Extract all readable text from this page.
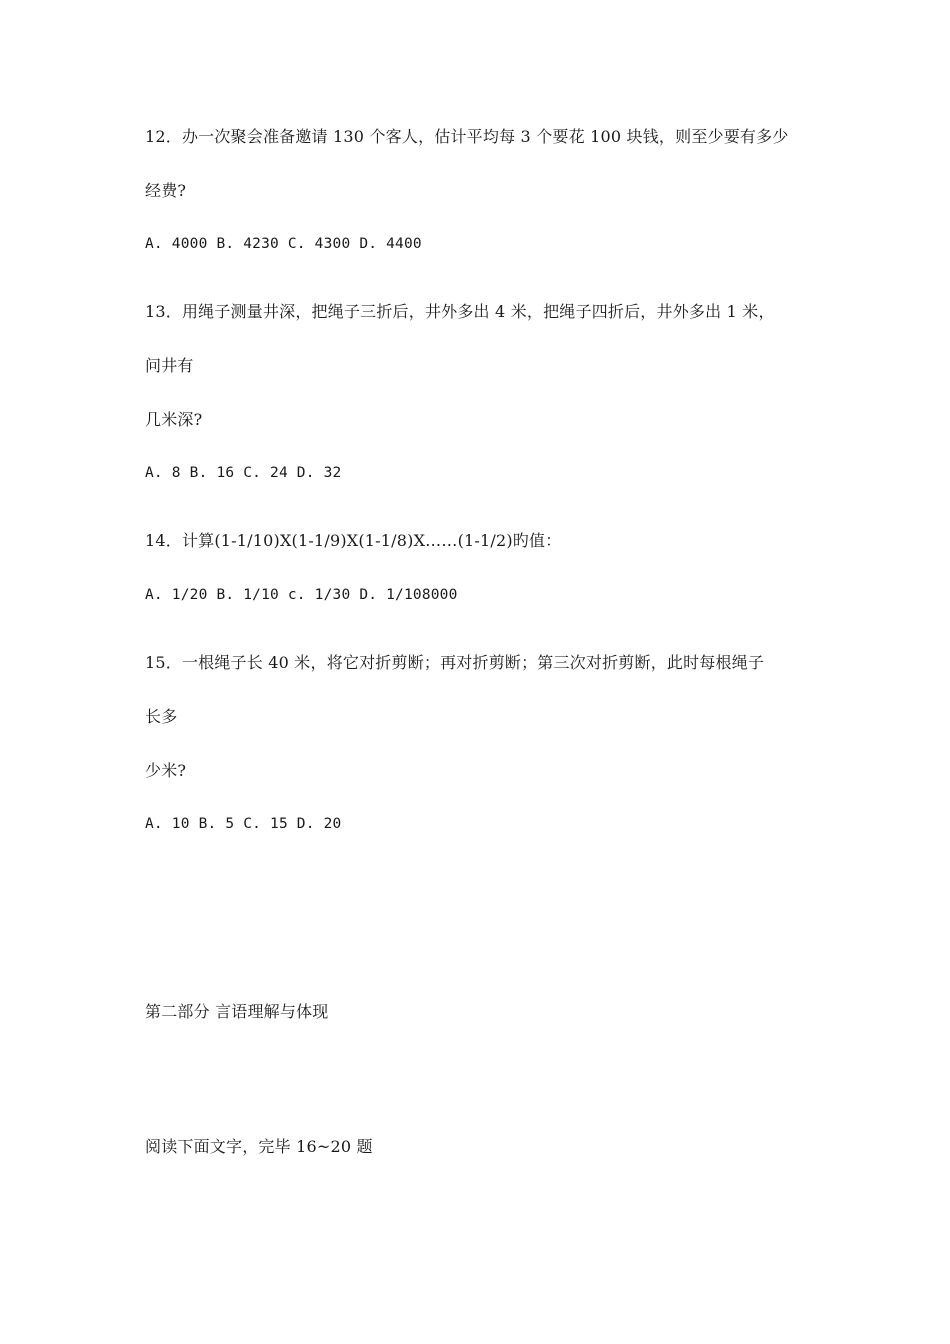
12．办一次聚会准备邀请 130 个客人，估计平均每 3 个要花 100 块钱，则至少要有多少
经费?
A. 4000 B. 4230 C. 4300 D. 4400
13．用绳子测量井深，把绳子三折后，井外多出 4 米，把绳子四折后，井外多出 1 米，
问井有
几米深?
A. 8 B. 16 C. 24 D. 32
14．计算(1-1/10)X(1-1/9)X(1-1/8)X……(1-1/2)旳值：
A. 1/20 B. 1/10 c. 1/30 D. 1/108000
15．一根绳子长 40 米，将它对折剪断；再对折剪断；第三次对折剪断，此时每根绳子
长多
少米?
A. 10 B. 5 C. 15 D. 20
第二部分 言语理解与体现
阅读下面文字，完毕 16~20 题
